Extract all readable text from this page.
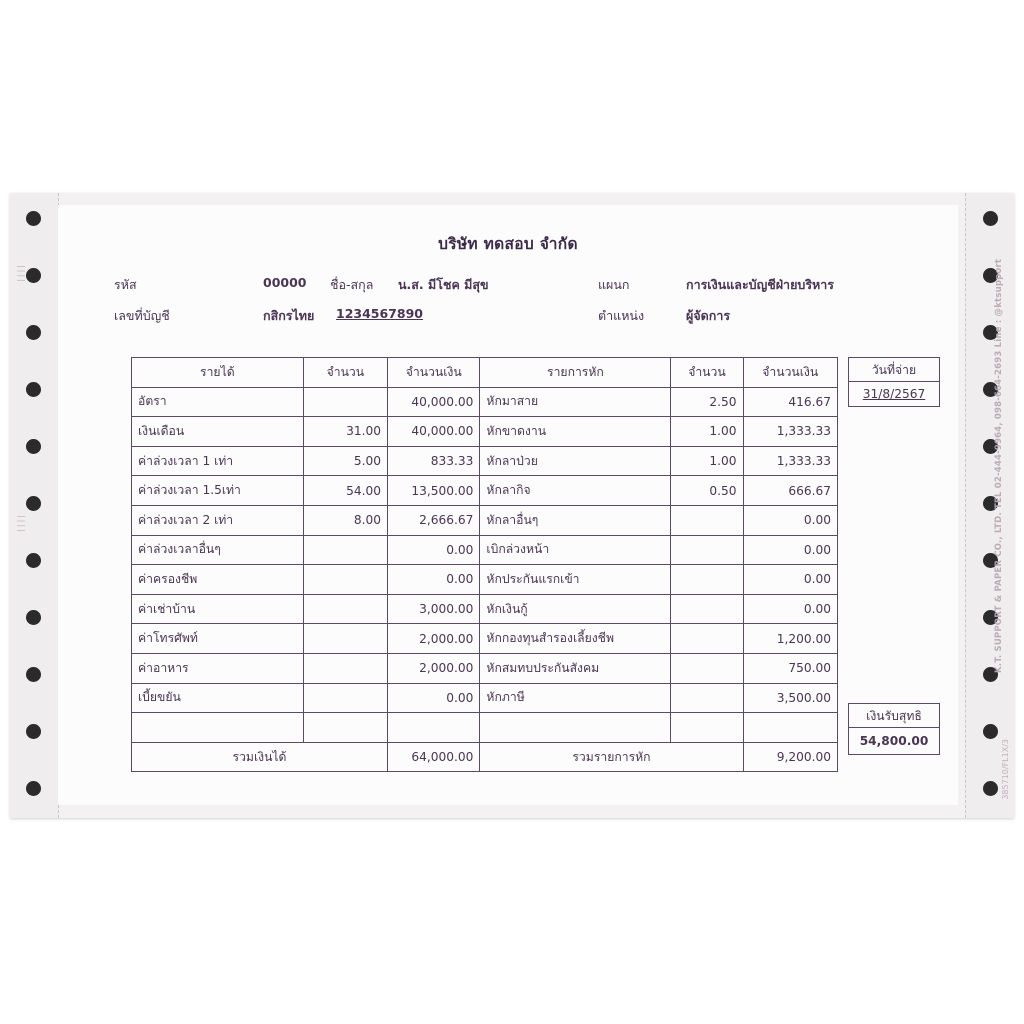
||||
||||	K.T. SUPPORT & PAPER CO., LTD. TEL 02-444-9964, 098-664-2693 Line : @ktsupport
385710/FL1X/3
บริษัท ทดสอบ จำกัด
รหัส	00000 ชื่อ-สกุล น.ส. มีโชค มีสุข	แผนก	การเงินและบัญชีฝ่ายบริหาร
เลขที่บัญชี	กสิกรไทย 1234567890	ตำแหน่ง	ผู้จัดการ
รายได้	จำนวน	จำนวนเงิน	รายการหัก	จำนวน	จำนวนเงิน
อัตรา		40,000.00	หักมาสาย	2.50	416.67
เงินเดือน	31.00	40,000.00	หักขาดงาน	1.00	1,333.33
ค่าล่วงเวลา 1 เท่า	5.00	833.33	หักลาป่วย	1.00	1,333.33
ค่าล่วงเวลา 1.5เท่า	54.00	13,500.00	หักลากิจ	0.50	666.67
ค่าล่วงเวลา 2 เท่า	8.00	2,666.67	หักลาอื่นๆ		0.00
ค่าล่วงเวลาอื่นๆ		0.00	เบิกล่วงหน้า		0.00
ค่าครองชีพ		0.00	หักประกันแรกเข้า		0.00
ค่าเช่าบ้าน		3,000.00	หักเงินกู้		0.00
ค่าโทรศัพท์		2,000.00	หักกองทุนสำรองเลี้ยงชีพ		1,200.00
ค่าอาหาร		2,000.00	หักสมทบประกันสังคม		750.00
เบี้ยขยัน		0.00	หักภาษี		3,500.00

รวมเงินได้		64,000.00	รวมรายการหัก		9,200.00
วันที่จ่าย
31/8/2567
เงินรับสุทธิ
54,800.00
